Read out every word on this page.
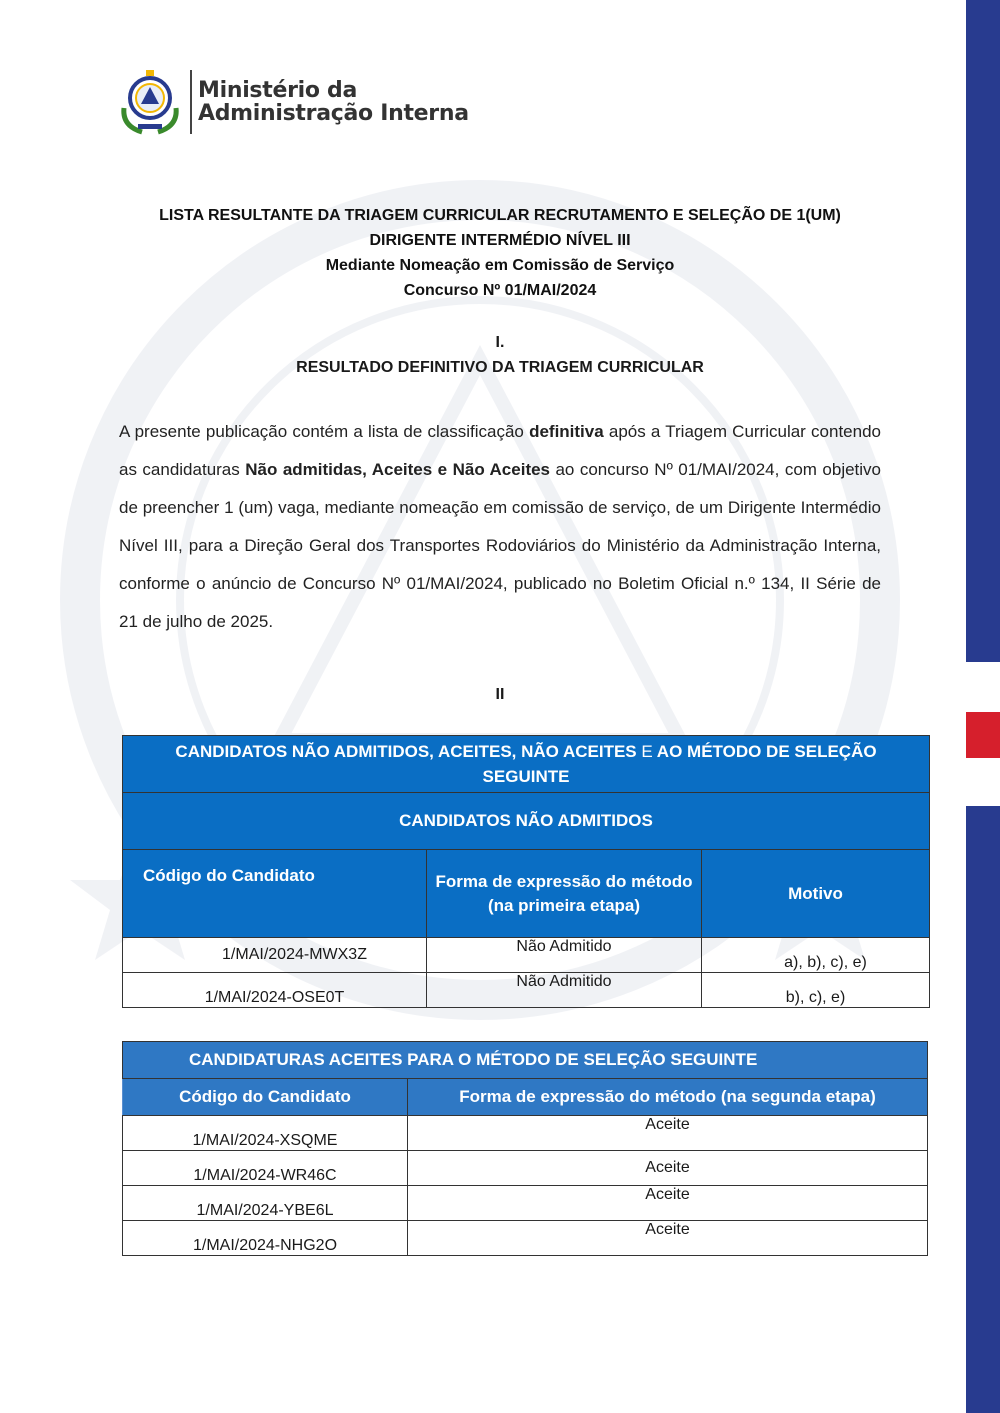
Ministério da
Administração Interna
LISTA RESULTANTE DA TRIAGEM CURRICULAR RECRUTAMENTO E SELEÇÃO DE 1(UM)
DIRIGENTE INTERMÉDIO NÍVEL III
Mediante Nomeação em Comissão de Serviço
Concurso Nº 01/MAI/2024
I.
RESULTADO DEFINITIVO DA TRIAGEM CURRICULAR
A presente publicação contém a lista de classificação definitiva após a Triagem Curricular contendo as candidaturas Não admitidas, Aceites e Não Aceites ao concurso Nº 01/MAI/2024, com objetivo de preencher 1 (um) vaga, mediante nomeação em comissão de serviço, de um Dirigente Intermédio Nível III, para a Direção Geral dos Transportes Rodoviários do Ministério da Administração Interna, conforme o anúncio de Concurso Nº 01/MAI/2024, publicado no Boletim Oficial n.º 134, II Série de 21 de julho de 2025.
II
CANDIDATOS NÃO ADMITIDOS, ACEITES, NÃO ACEITES E AO MÉTODO DE SELEÇÃO SEGUINTE		
CANDIDATOS NÃO ADMITIDOS		
Código do Candidato	Forma de expressão do método (na primeira etapa)	Motivo
1/MAI/2024-MWX3Z	Não Admitido	a), b), c), e)
1/MAI/2024-OSE0T	Não Admitido	b), c), e)
CANDIDATURAS ACEITES PARA O MÉTODO DE SELEÇÃO SEGUINTE	
Código do Candidato	Forma de expressão do método (na segunda etapa)
1/MAI/2024-XSQME	Aceite
1/MAI/2024-WR46C	Aceite
1/MAI/2024-YBE6L	Aceite
1/MAI/2024-NHG2O	Aceite
